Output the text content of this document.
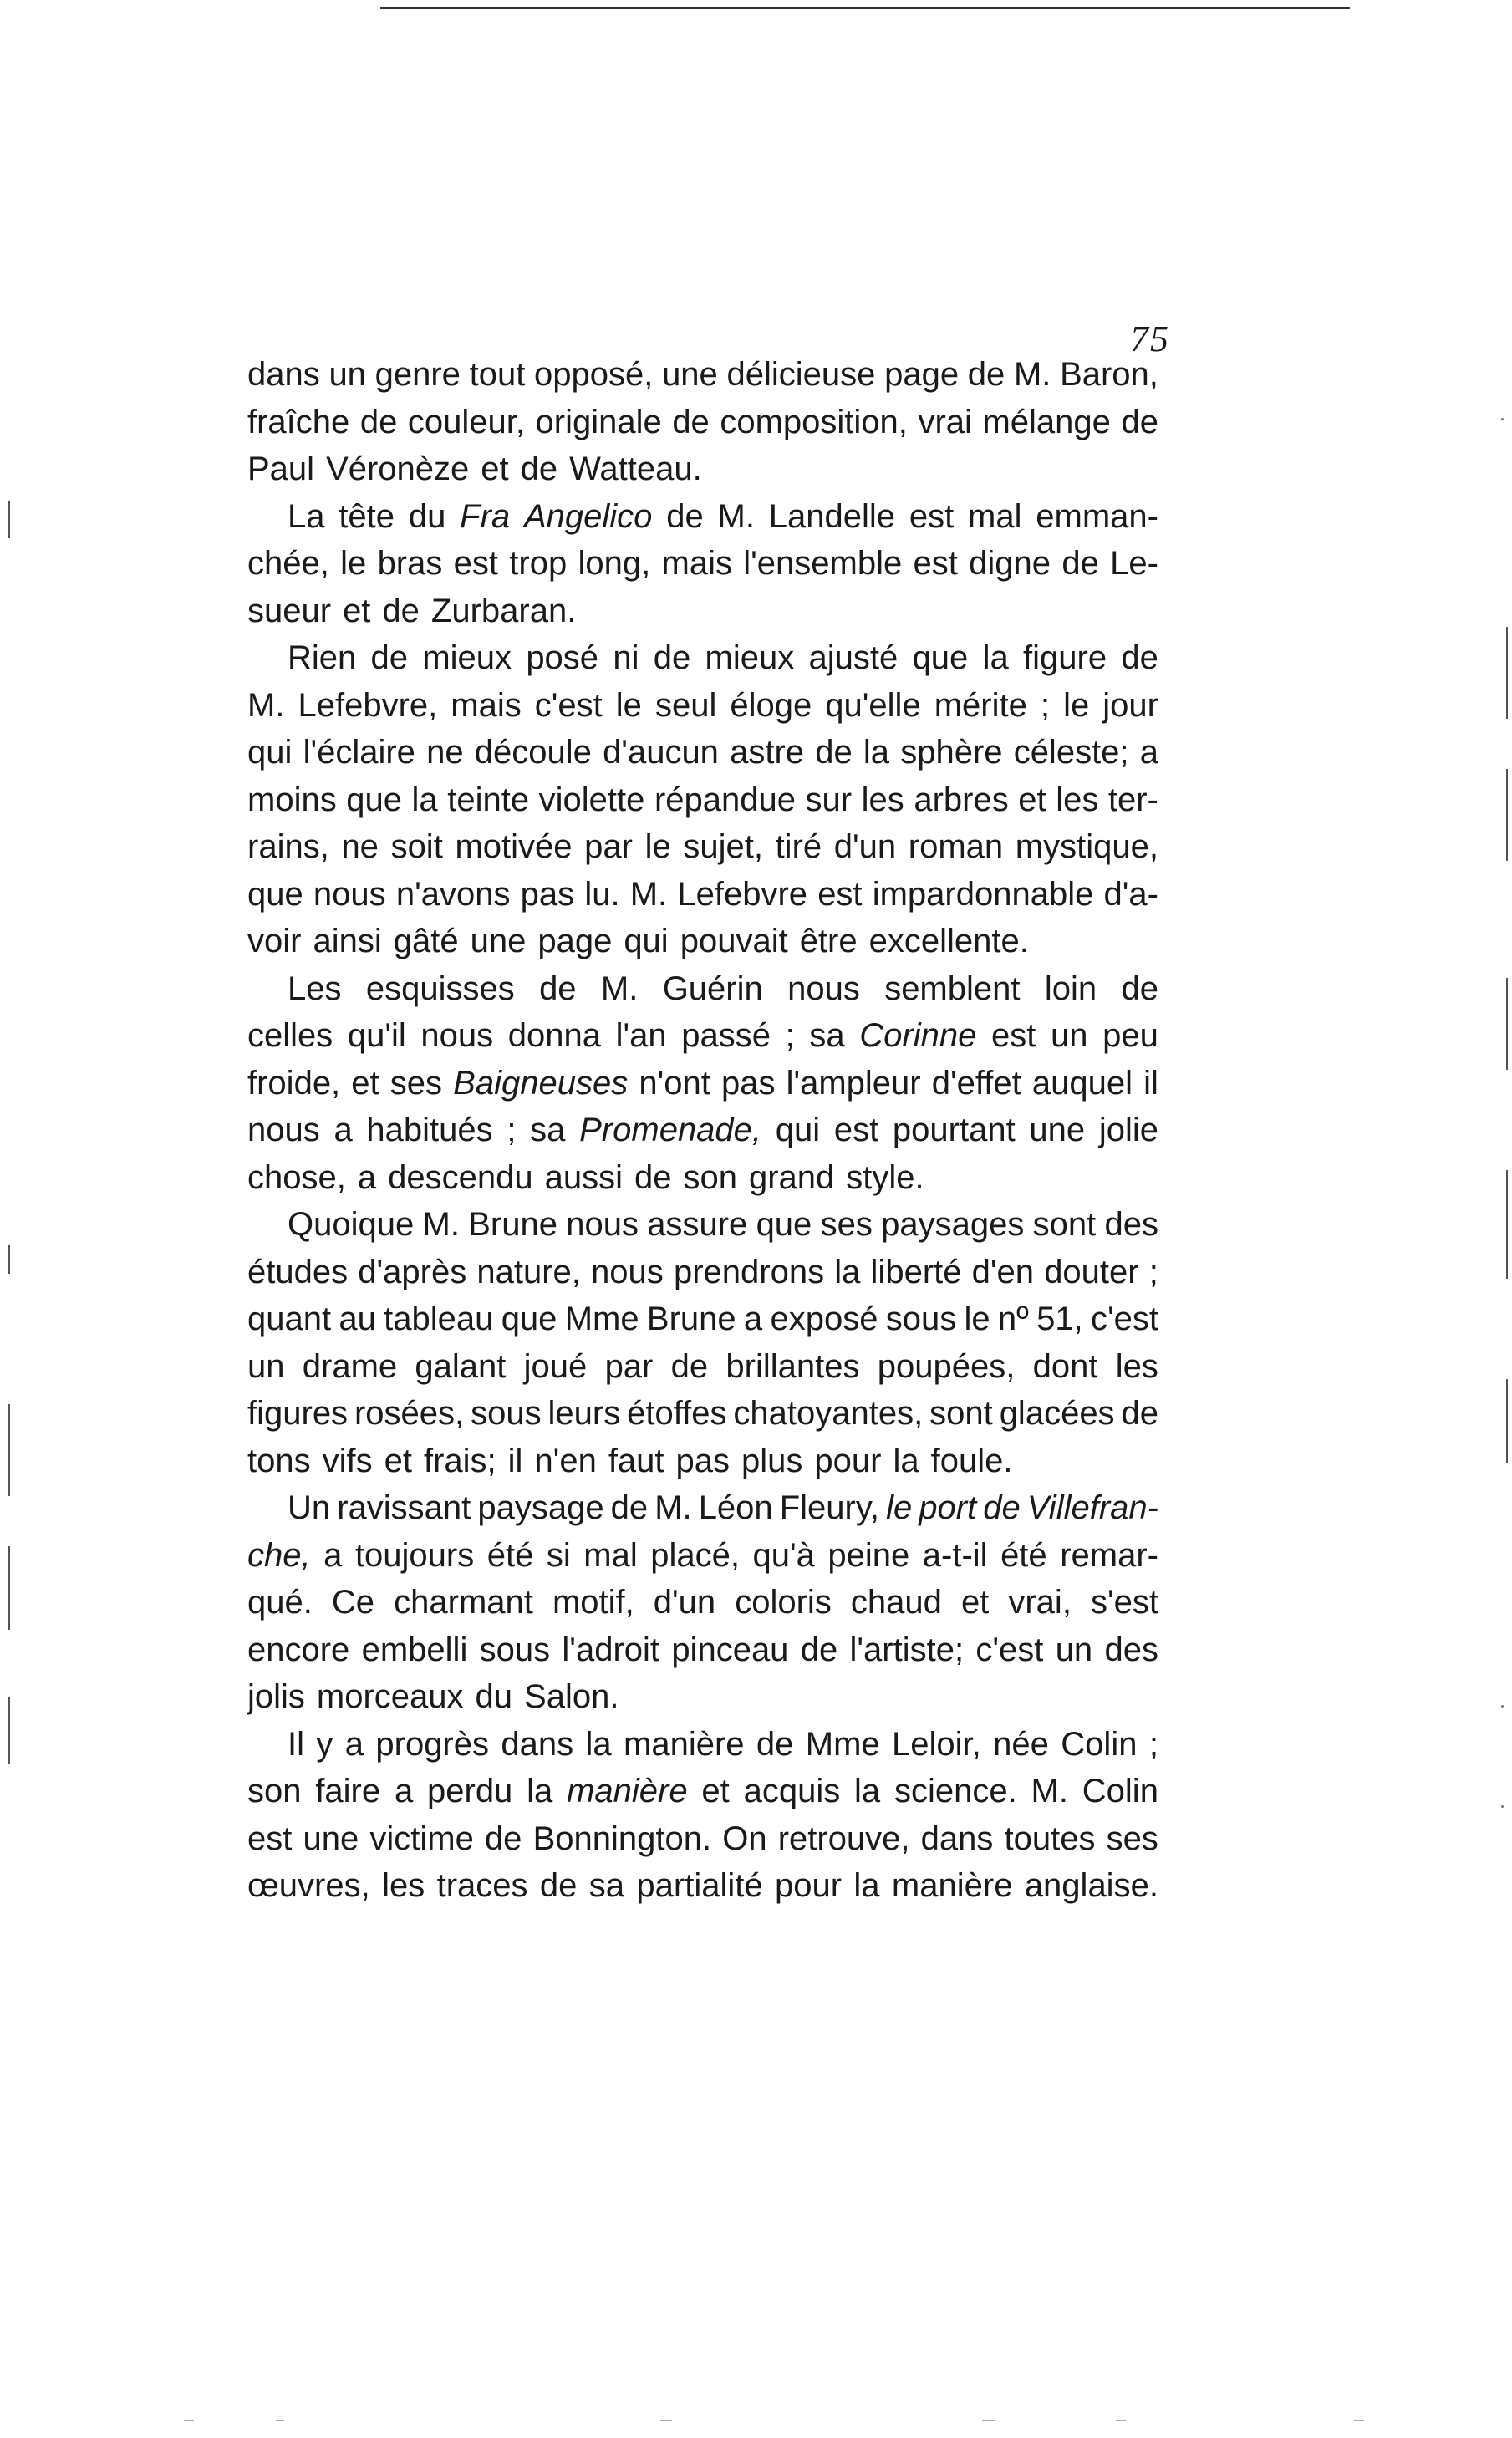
75
dans un genre tout opposé, une délicieuse page de M. Baron,
fraîche de couleur, originale de composition, vrai mélange de
Paul Véronèze et de Watteau.
La tête du Fra Angelico de M. Landelle est mal emman-
chée, le bras est trop long, mais l'ensemble est digne de Le-
sueur et de Zurbaran.
Rien de mieux posé ni de mieux ajusté que la figure de
M. Lefebvre, mais c'est le seul éloge qu'elle mérite ; le jour
qui l'éclaire ne découle d'aucun astre de la sphère céleste; a
moins que la teinte violette répandue sur les arbres et les ter-
rains, ne soit motivée par le sujet, tiré d'un roman mystique,
que nous n'avons pas lu. M. Lefebvre est impardonnable d'a-
voir ainsi gâté une page qui pouvait être excellente.
Les esquisses de M. Guérin nous semblent loin de
celles qu'il nous donna l'an passé ; sa Corinne est un peu
froide, et ses Baigneuses n'ont pas l'ampleur d'effet auquel il
nous a habitués ; sa Promenade, qui est pourtant une jolie
chose, a descendu aussi de son grand style.
Quoique M. Brune nous assure que ses paysages sont des
études d'après nature, nous prendrons la liberté d'en douter ;
quant au tableau que Mme Brune a exposé sous le nº 51, c'est
un drame galant joué par de brillantes poupées, dont les
figures rosées, sous leurs étoffes chatoyantes, sont glacées de
tons vifs et frais; il n'en faut pas plus pour la foule.
Un ravissant paysage de M. Léon Fleury, le port de Villefran-
che, a toujours été si mal placé, qu'à peine a-t-il été remar-
qué. Ce charmant motif, d'un coloris chaud et vrai, s'est
encore embelli sous l'adroit pinceau de l'artiste; c'est un des
jolis morceaux du Salon.
Il y a progrès dans la manière de Mme Leloir, née Colin ;
son faire a perdu la manière et acquis la science. M. Colin
est une victime de Bonnington. On retrouve, dans toutes ses
œuvres, les traces de sa partialité pour la manière anglaise.
